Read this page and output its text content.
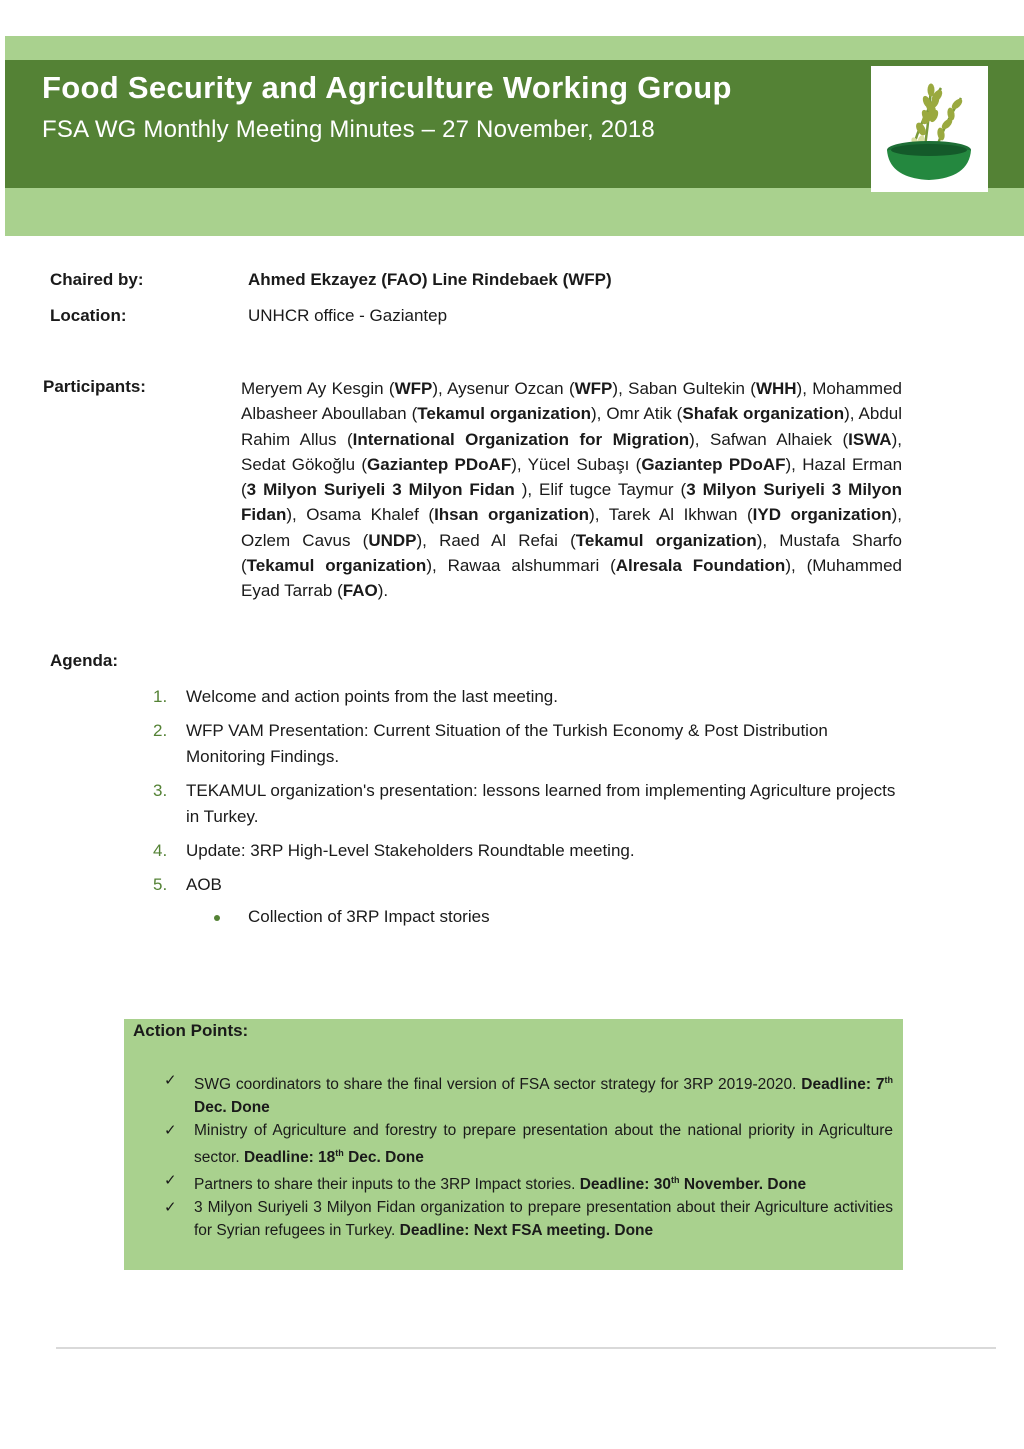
Food Security and Agriculture Working Group
FSA WG Monthly Meeting Minutes – 27 November, 2018
Chaired by:	Ahmed Ekzayez (FAO) Line Rindebaek (WFP)
Location:	UNHCR office - Gaziantep
Participants:	Meryem Ay Kesgin (WFP), Aysenur Ozcan (WFP), Saban Gultekin (WHH), Mohammed Albasheer Aboullaban (Tekamul organization), Omr Atik (Shafak organization), Abdul Rahim Allus (International Organization for Migration), Safwan Alhaiek (ISWA), Sedat Gökoğlu (Gaziantep PDoAF), Yücel Subaşı (Gaziantep PDoAF), Hazal Erman (3 Milyon Suriyeli 3 Milyon Fidan ), Elif tugce Taymur (3 Milyon Suriyeli 3 Milyon Fidan), Osama Khalef (Ihsan organization), Tarek Al Ikhwan (IYD organization), Ozlem Cavus (UNDP), Raed Al Refai (Tekamul organization), Mustafa Sharfo (Tekamul organization), Rawaa alshummari (Alresala Foundation), (Muhammed Eyad Tarrab (FAO).
Agenda:
1. Welcome and action points from the last meeting.
2. WFP VAM Presentation: Current Situation of the Turkish Economy & Post Distribution Monitoring Findings.
3. TEKAMUL organization's presentation: lessons learned from implementing Agriculture projects in Turkey.
4. Update: 3RP High-Level Stakeholders Roundtable meeting.
5. AOB
Collection of 3RP Impact stories
Action Points:
✓ SWG coordinators to share the final version of FSA sector strategy for 3RP 2019-2020. Deadline: 7th Dec. Done
✓ Ministry of Agriculture and forestry to prepare presentation about the national priority in Agriculture sector. Deadline: 18th Dec. Done
✓ Partners to share their inputs to the 3RP Impact stories. Deadline: 30th November. Done
✓ 3 Milyon Suriyeli 3 Milyon Fidan organization to prepare presentation about their Agriculture activities for Syrian refugees in Turkey. Deadline: Next FSA meeting. Done
